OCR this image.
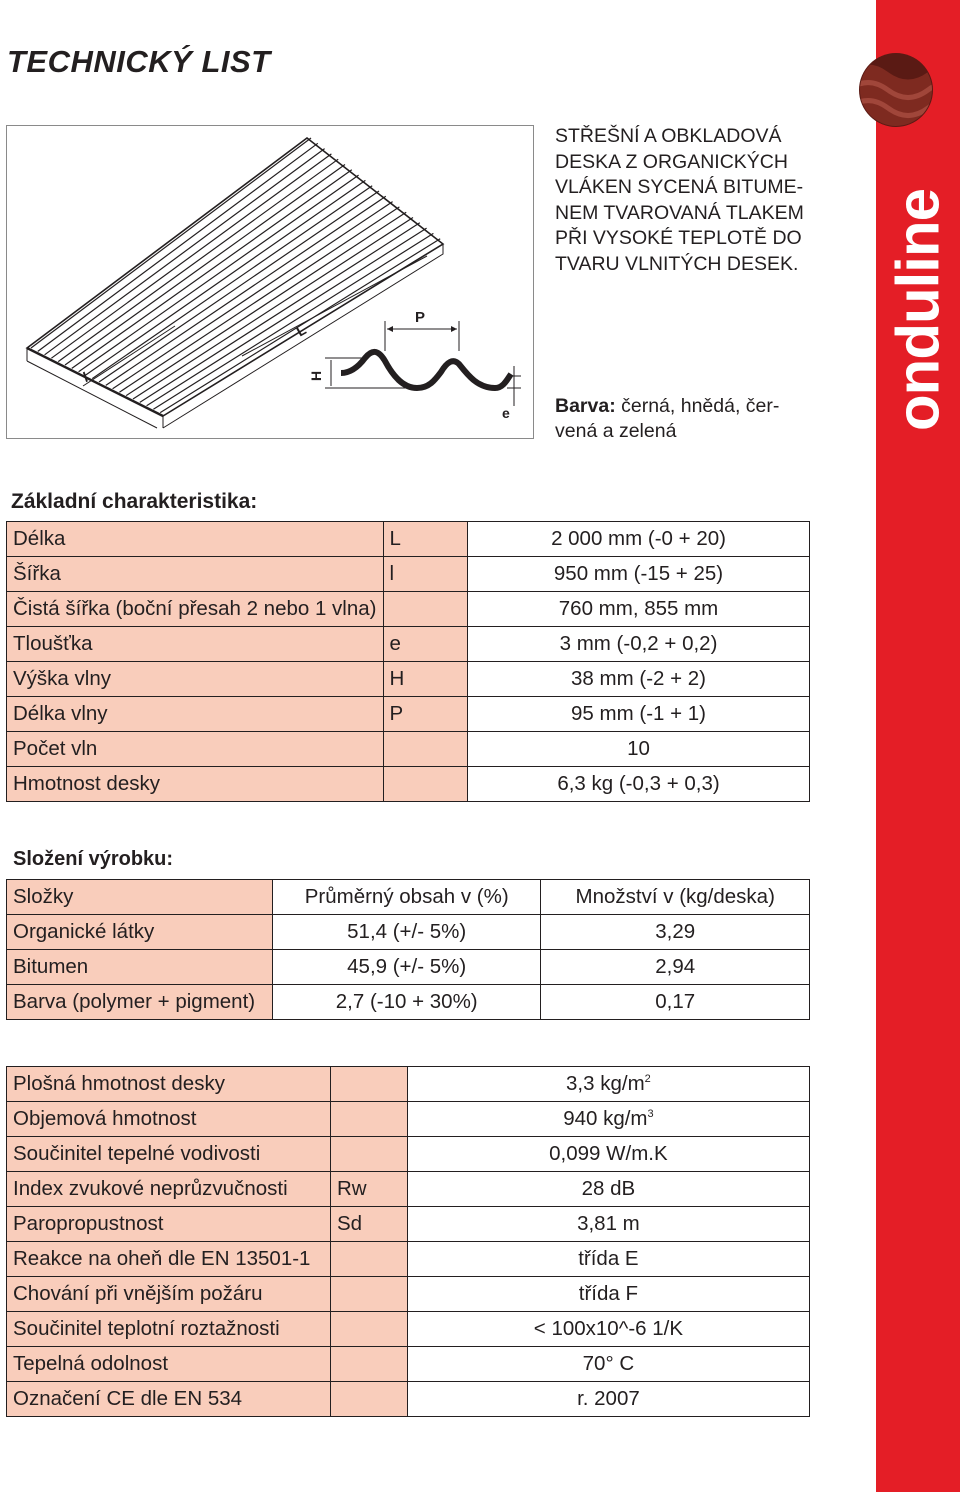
TECHNICKÝ LIST
onduline
l
L
P
H
e
STŘEŠNÍ A OBKLADOVÁ
DESKA Z ORGANICKÝCH
VLÁKEN SYCENÁ BITUME-
NEM TVAROVANÁ TLAKEM
PŘI VYSOKÉ TEPLOTĚ DO
TVARU VLNITÝCH DESEK.
Barva: černá, hnědá, čer-
vená a zelená
Základní charakteristika:
Délka	L	2 000 mm (-0 + 20)
Šířka	l	950 mm (-15 + 25)
Čistá šířka (boční přesah 2 nebo 1 vlna)		760 mm, 855 mm
Tloušťka	e	3 mm (-0,2 + 0,2)
Výška vlny	H	38 mm (-2 + 2)
Délka vlny	P	95 mm (-1 + 1)
Počet vln		10
Hmotnost desky		6,3 kg (-0,3 + 0,3)
Složení výrobku:
Složky	Průměrný obsah v (%)	Množství v (kg/deska)
Organické látky	51,4 (+/- 5%)	3,29
Bitumen	45,9 (+/- 5%)	2,94
Barva (polymer + pigment)	2,7 (-10 + 30%)	0,17
Plošná hmotnost desky		3,3 $kg/m^2$
Objemová hmotnost		940 $kg/m^3$
Součinitel tepelné vodivosti		0,099 W/m.K
Index zvukové neprůzvučnosti	Rw	28 dB
Paropropustnost	Sd	3,81 m
Reakce na oheň dle EN 13501-1		třída E
Chování při vnějším požáru		třída F
Součinitel teplotní roztažnosti		< 100x10^-6 1/K
Tepelná odolnost		70° C
Označení CE dle EN 534		r. 2007
